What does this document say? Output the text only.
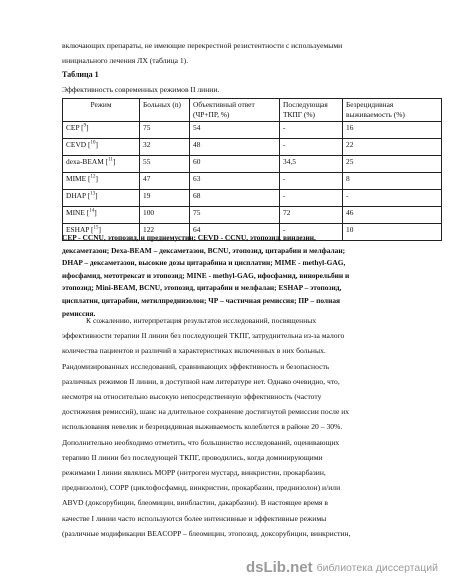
включающих препараты, не имеющие перекрестной резистентности с используемыми
инициального лечения ЛХ (таблица 1).
Таблица 1
Эффективность современных режимов II линии.
Режим	Больных (n)	Объективный ответ (ЧР+ПР, %)	Последующая ТКПГ (%)	Безрецидивная выживаемость (%)
CEP [$^9$]	75	54	-	16
CEVD [$^{10}$]	32	48	-	22
dexa-BEAM [$^{11}$]	55	60	34,5	25
MIME [$^{12}$]	47	63	-	8
DHAP [$^{13}$]	19	68	-	-
MINE [$^{14}$]	100	75	72	46
ESHAP [$^{15}$]	122	64	-	10
CEP - CCNU, этопозид, и преднемустин; CEVD - CCNU, этопозид, виндезин,
дексаметазон; Dexa-BEAM – дексаметазон, BCNU, этопозид, цитарабин и мелфалан;
DHAP – дексаметазон, высокие дозы цитарабина и цисплатин; MIME - methyl-GAG,
ифосфамид, метотрексат и этопозид; MINE - methyl-GAG, ифосфамид, винорельбин и
этопозид; Mini-BEAM, BCNU, этопозид, цитарабин и мелфалан; ESHAP – этопозид,
цисплатин, цитарабин, метилпреднизолон; ЧР – частичная ремиссия; ПР – полная
ремиссия.
К сожалению, интерпретация результатов исследований, посвященных
эффективности терапии II линии без последующей ТКПГ, затруднительна из-за малого
количества пациентов и различий в характеристиках включенных в них больных.
Рандомизированных исследований, сравнивающих эффективность и безопасность
различных режимов II линии, в доступной нам литературе нет. Однако очевидно, что,
несмотря на относительно высокую непосредственную эффективность (частоту
достижения ремиссий), шанс на длительное сохранение достигнутой ремиссии после их
использования невелик и безрецидивная выживаемость колеблется в районе 20 – 30%.
Дополнительно необходимо отметить, что большинство исследований, оценивающих
терапию II линии без последующей ТКПГ, проводились, когда доминирующими
режимами I линии являлись МОРР (нитроген мустард, винкристин, прокарбазин,
преднизолон), СОРР (циклофосфамид, винкристин, прокарбазин, преднизолон) и/или
ABVD (доксорубицин, блеомицин, винбластин, дакарбазин). В настоящее время в
качестве I линии часто используются более интенсивные и эффективные режимы
(различные модификации BEACOPP – блеомицин, этопозид, доксорубицин, винкристин,
dsLib.net библиотека диссертаций
